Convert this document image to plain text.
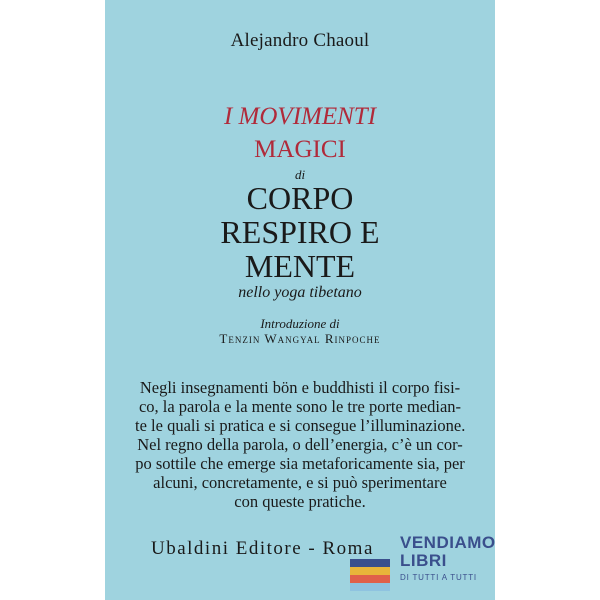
Alejandro Chaoul

I MOVIMENTI

MAGICI

di

CORPO

RESPIRO E

MENTE

nello yoga tibetano

Introduzione di

Tenzin Wangyal Rinpoche

Negli insegnamenti bön e buddhisti il corpo fisi-
co, la parola e la mente sono le tre porte median-
te le quali si pratica e si consegue l’illuminazione.
Nel regno della parola, o dell’energia, c’è un cor-
po sottile che emerge sia metaforicamente sia, per
alcuni, concretamente, e si può sperimentare
con queste pratiche.

Ubaldini Editore - Roma	VENDIAMO

LIBRI

DI TUTTI A TUTTI
